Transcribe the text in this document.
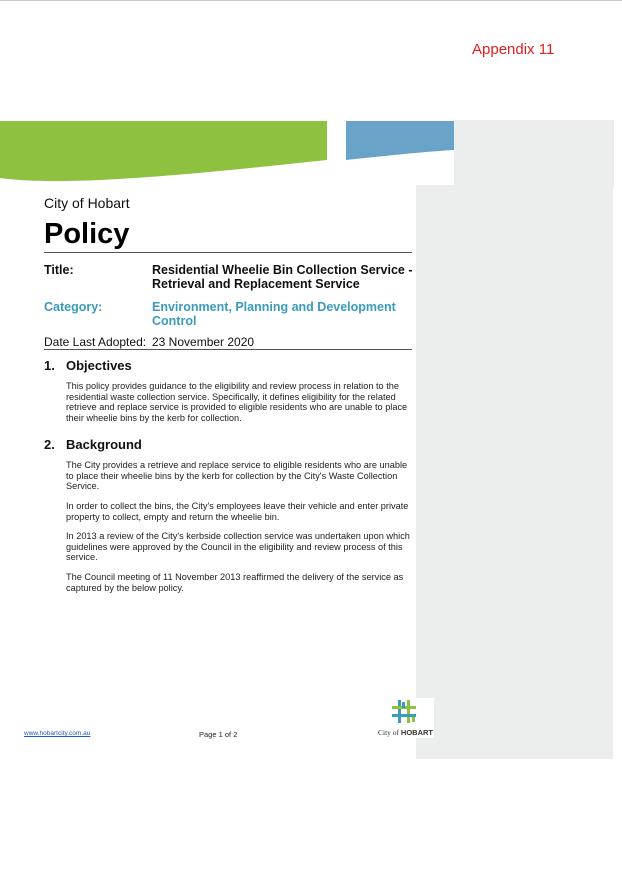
Appendix 11
City of Hobart
Policy
Title:	Residential Wheelie Bin Collection Service -
Retrieval and Replacement Service
Category:	Environment, Planning and Development
Control
Date Last Adopted: 23 November 2020
1. Objectives
This policy provides guidance to the eligibility and review process in relation to the residential waste collection service. Specifically, it defines eligibility for the related retrieve and replace service is provided to eligible residents who are unable to place their wheelie bins by the kerb for collection.
2. Background
The City provides a retrieve and replace service to eligible residents who are unable to place their wheelie bins by the kerb for collection by the City's Waste Collection Service.
In order to collect the bins, the City's employees leave their vehicle and enter private property to collect, empty and return the wheelie bin.
In 2013 a review of the City's kerbside collection service was undertaken upon which guidelines were approved by the Council in the eligibility and review process of this service.
The Council meeting of 11 November 2013 reaffirmed the delivery of the service as captured by the below policy.
www.hobartcity.com.au	Page 1 of 2	City of HOBART
